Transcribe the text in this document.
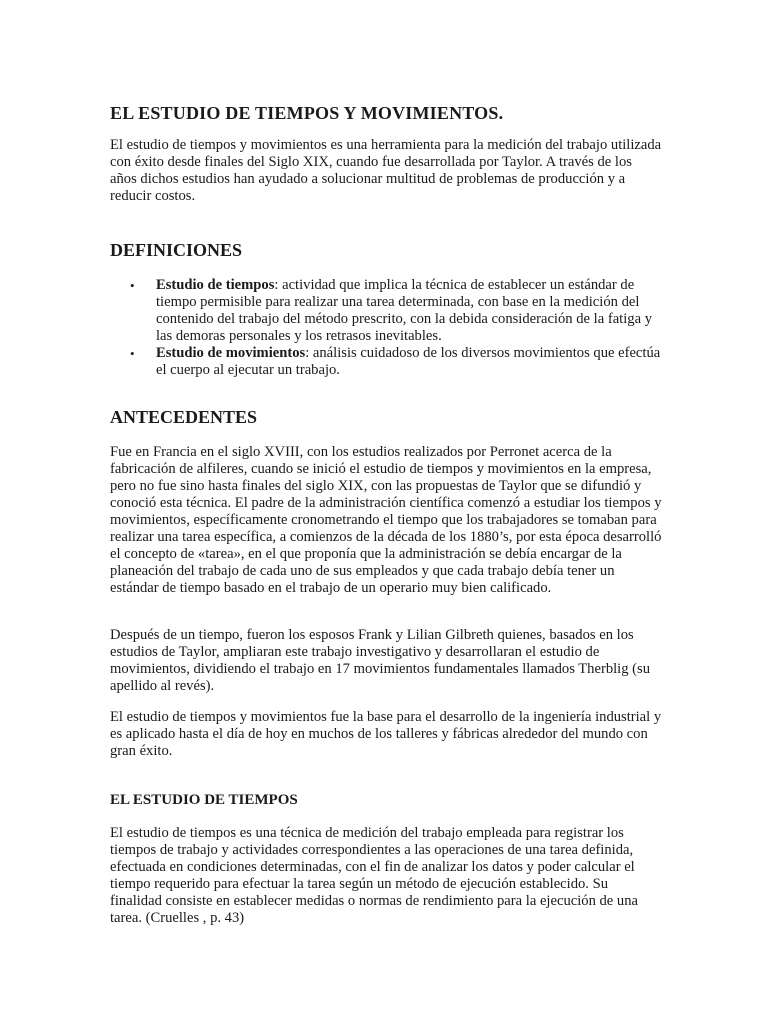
EL ESTUDIO DE TIEMPOS Y MOVIMIENTOS.

El estudio de tiempos y movimientos es una herramienta para la medición del trabajo utilizada con éxito desde finales del Siglo XIX, cuando fue desarrollada por Taylor. A través de los años dichos estudios han ayudado a solucionar multitud de problemas de producción y a reducir costos.

DEFINICIONES
• Estudio de tiempos: actividad que implica la técnica de establecer un estándar de tiempo permisible para realizar una tarea determinada, con base en la medición del contenido del trabajo del método prescrito, con la debida consideración de la fatiga y las demoras personales y los retrasos inevitables.
• Estudio de movimientos: análisis cuidadoso de los diversos movimientos que efectúa el cuerpo al ejecutar un trabajo.
ANTECEDENTES

Fue en Francia en el siglo XVIII, con los estudios realizados por Perronet acerca de la fabricación de alfileres, cuando se inició el estudio de tiempos y movimientos en la empresa, pero no fue sino hasta finales del siglo XIX, con las propuestas de Taylor que se difundió y conoció esta técnica. El padre de la administración científica comenzó a estudiar los tiempos y movimientos, específicamente cronometrando el tiempo que los trabajadores se tomaban para realizar una tarea específica, a comienzos de la década de los 1880’s, por esta época desarrolló el concepto de «tarea», en el que proponía que la administración se debía encargar de la planeación del trabajo de cada uno de sus empleados y que cada trabajo debía tener un estándar de tiempo basado en el trabajo de un operario muy bien calificado.

Después de un tiempo, fueron los esposos Frank y Lilian Gilbreth quienes, basados en los estudios de Taylor, ampliaran este trabajo investigativo y desarrollaran el estudio de movimientos, dividiendo el trabajo en 17 movimientos fundamentales llamados Therblig (su apellido al revés).

El estudio de tiempos y movimientos fue la base para el desarrollo de la ingeniería industrial y es aplicado hasta el día de hoy en muchos de los talleres y fábricas alrededor del mundo con gran éxito.

EL ESTUDIO DE TIEMPOS

El estudio de tiempos es una técnica de medición del trabajo empleada para registrar los tiempos de trabajo y actividades correspondientes a las operaciones de una tarea definida, efectuada en condiciones determinadas, con el fin de analizar los datos y poder calcular el tiempo requerido para efectuar la tarea según un método de ejecución establecido. Su finalidad consiste en establecer medidas o normas de rendimiento para la ejecución de una tarea. (Cruelles , p. 43)
